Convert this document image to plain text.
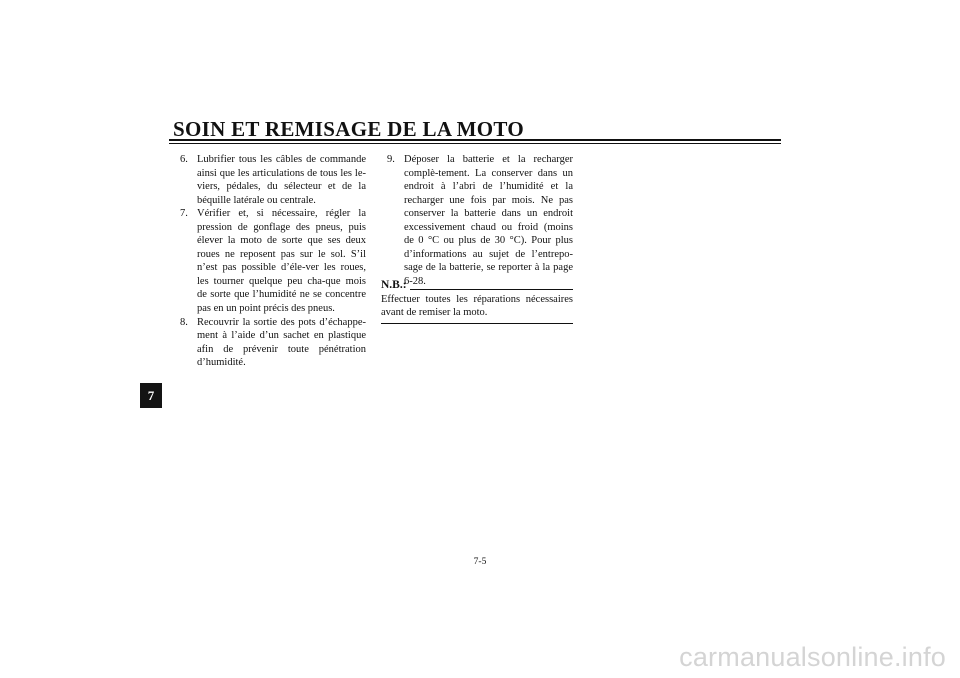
SOIN ET REMISAGE DE LA MOTO
7
6. Lubrifier tous les câbles de commande ainsi que les articulations de tous les le-viers, pédales, du sélecteur et de la béquille latérale ou centrale.
7. Vérifier et, si nécessaire, régler la pression de gonflage des pneus, puis élever la moto de sorte que ses deux roues ne reposent pas sur le sol. S’il n’est pas possible d’éle-ver les roues, les tourner quelque peu cha-que mois de sorte que l’humidité ne se concentre pas en un point précis des pneus.
8. Recouvrir la sortie des pots d’échappe-ment à l’aide d’un sachet en plastique afin de prévenir toute pénétration d’humidité.
9. Déposer la batterie et la recharger complè-tement. La conserver dans un endroit à l’abri de l’humidité et la recharger une fois par mois. Ne pas conserver la batterie dans un endroit excessivement chaud ou froid (moins de 0 °C ou plus de 30 °C). Pour plus d’informations au sujet de l’entrepo-sage de la batterie, se reporter à la page 6-28.
N.B.:
Effectuer toutes les réparations nécessaires avant de remiser la moto.
7-5
carmanualsonline.info
